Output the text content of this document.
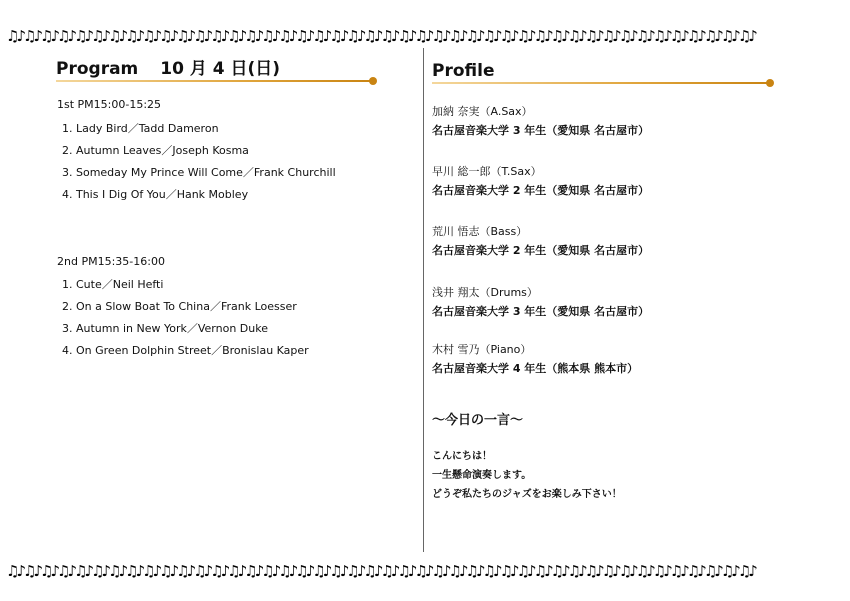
♫♪♫♪♫♪♫♪♫♪♫♪♫♪♫♪♫♪♫♪♫♪♫♪♫♪♫♪♫♪♫♪♫♪♫♪♫♪♫♪♫♪♫♪♫♪♫♪♫♪♫♪♫♪♫♪♫♪♫♪♫♪♫♪♫♪♫♪♫♪♫♪♫♪♫♪♫♪♫♪♫♪♫♪♫♪♫♪
Program 10 月 4 日(日)
1st PM15:00-15:25
1. Lady Bird／Tadd Dameron
2. Autumn Leaves／Joseph Kosma
3. Someday My Prince Will Come／Frank Churchill
4. This I Dig Of You／Hank Mobley
2nd PM15:35-16:00
1. Cute／Neil Hefti
2. On a Slow Boat To China／Frank Loesser
3. Autumn in New York／Vernon Duke
4. On Green Dolphin Street／Bronislau Kaper
Profile
加納 奈実（A.Sax）
名古屋音楽大学 3 年生（愛知県 名古屋市）
早川 総一郎（T.Sax）
名古屋音楽大学 2 年生（愛知県 名古屋市）
荒川 悟志（Bass）
名古屋音楽大学 2 年生（愛知県 名古屋市）
浅井 翔太（Drums）
名古屋音楽大学 3 年生（愛知県 名古屋市）
木村 雪乃（Piano）
名古屋音楽大学 4 年生（熊本県 熊本市）
～今日の一言～
こんにちは！
一生懸命演奏します。
どうぞ私たちのジャズをお楽しみ下さい！
♫♪♫♪♫♪♫♪♫♪♫♪♫♪♫♪♫♪♫♪♫♪♫♪♫♪♫♪♫♪♫♪♫♪♫♪♫♪♫♪♫♪♫♪♫♪♫♪♫♪♫♪♫♪♫♪♫♪♫♪♫♪♫♪♫♪♫♪♫♪♫♪♫♪♫♪♫♪♫♪♫♪♫♪♫♪♫♪
